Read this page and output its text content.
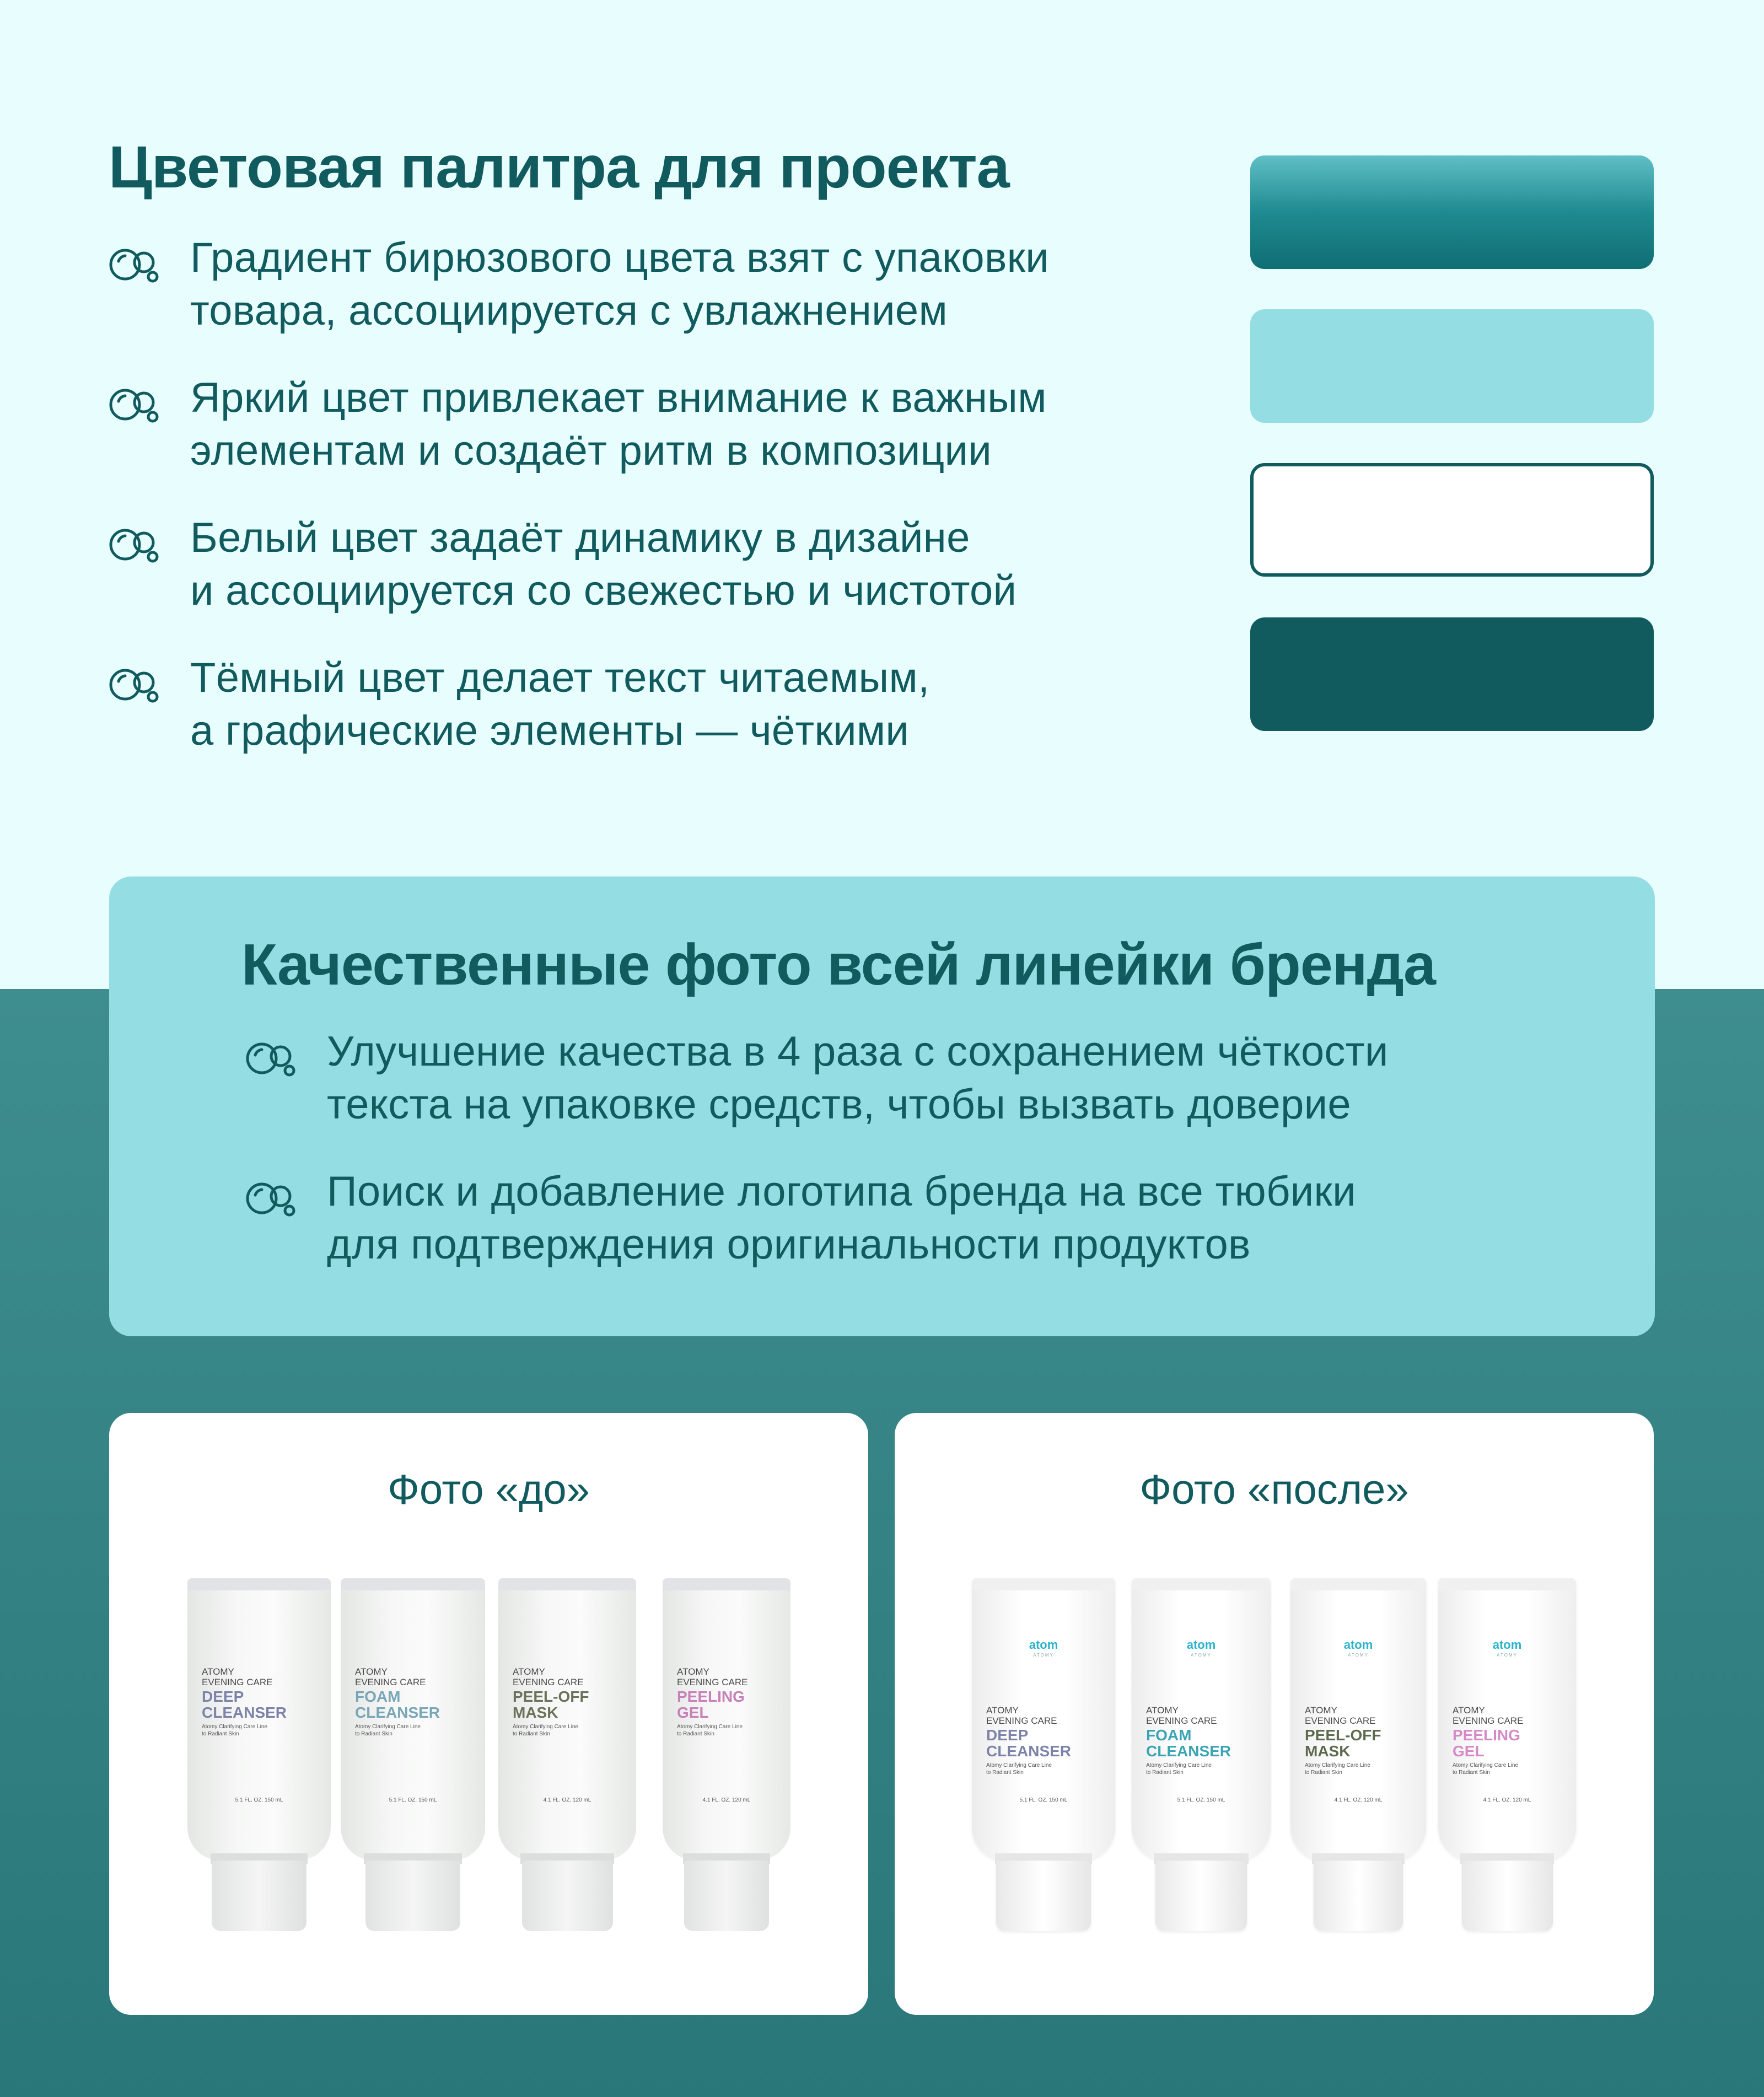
Цветовая палитра для проекта
Градиент бирюзового цвета взят с упаковки
товара, ассоциируется с увлажнением
Яркий цвет привлекает внимание к важным
элементам и создаёт ритм в композиции
Белый цвет задаёт динамику в дизайне
и ассоциируется со свежестью и чистотой
Тёмный цвет делает текст читаемым,
а графические элементы — чёткими
Качественные фото всей линейки бренда
Улучшение качества в 4 раза с сохранением чёткости
текста на упаковке средств, чтобы вызвать доверие
Поиск и добавление логотипа бренда на все тюбики
для подтверждения оригинальности продуктов
Фото «до»
ATOMY
EVENING CARE
DEEP
CLEANSER
Atomy Clarifying Care Line
to Radiant Skin
5.1 FL. OZ. 150 mL
ATOMY
EVENING CARE
FOAM
CLEANSER
Atomy Clarifying Care Line
to Radiant Skin
5.1 FL. OZ. 150 mL
ATOMY
EVENING CARE
PEEL-OFF
MASK
Atomy Clarifying Care Line
to Radiant Skin
4.1 FL. OZ. 120 mL
ATOMY
EVENING CARE
PEELING
GEL
Atomy Clarifying Care Line
to Radiant Skin
4.1 FL. OZ. 120 mL
Фото «после»
atom
ATOMY
ATOMY
EVENING CARE
DEEP
CLEANSER
Atomy Clarifying Care Line
to Radiant Skin
5.1 FL. OZ. 150 mL
atom
ATOMY
ATOMY
EVENING CARE
FOAM
CLEANSER
Atomy Clarifying Care Line
to Radiant Skin
5.1 FL. OZ. 150 mL
atom
ATOMY
ATOMY
EVENING CARE
PEEL-OFF
MASK
Atomy Clarifying Care Line
to Radiant Skin
4.1 FL. OZ. 120 mL
atom
ATOMY
ATOMY
EVENING CARE
PEELING
GEL
Atomy Clarifying Care Line
to Radiant Skin
4.1 FL. OZ. 120 mL
